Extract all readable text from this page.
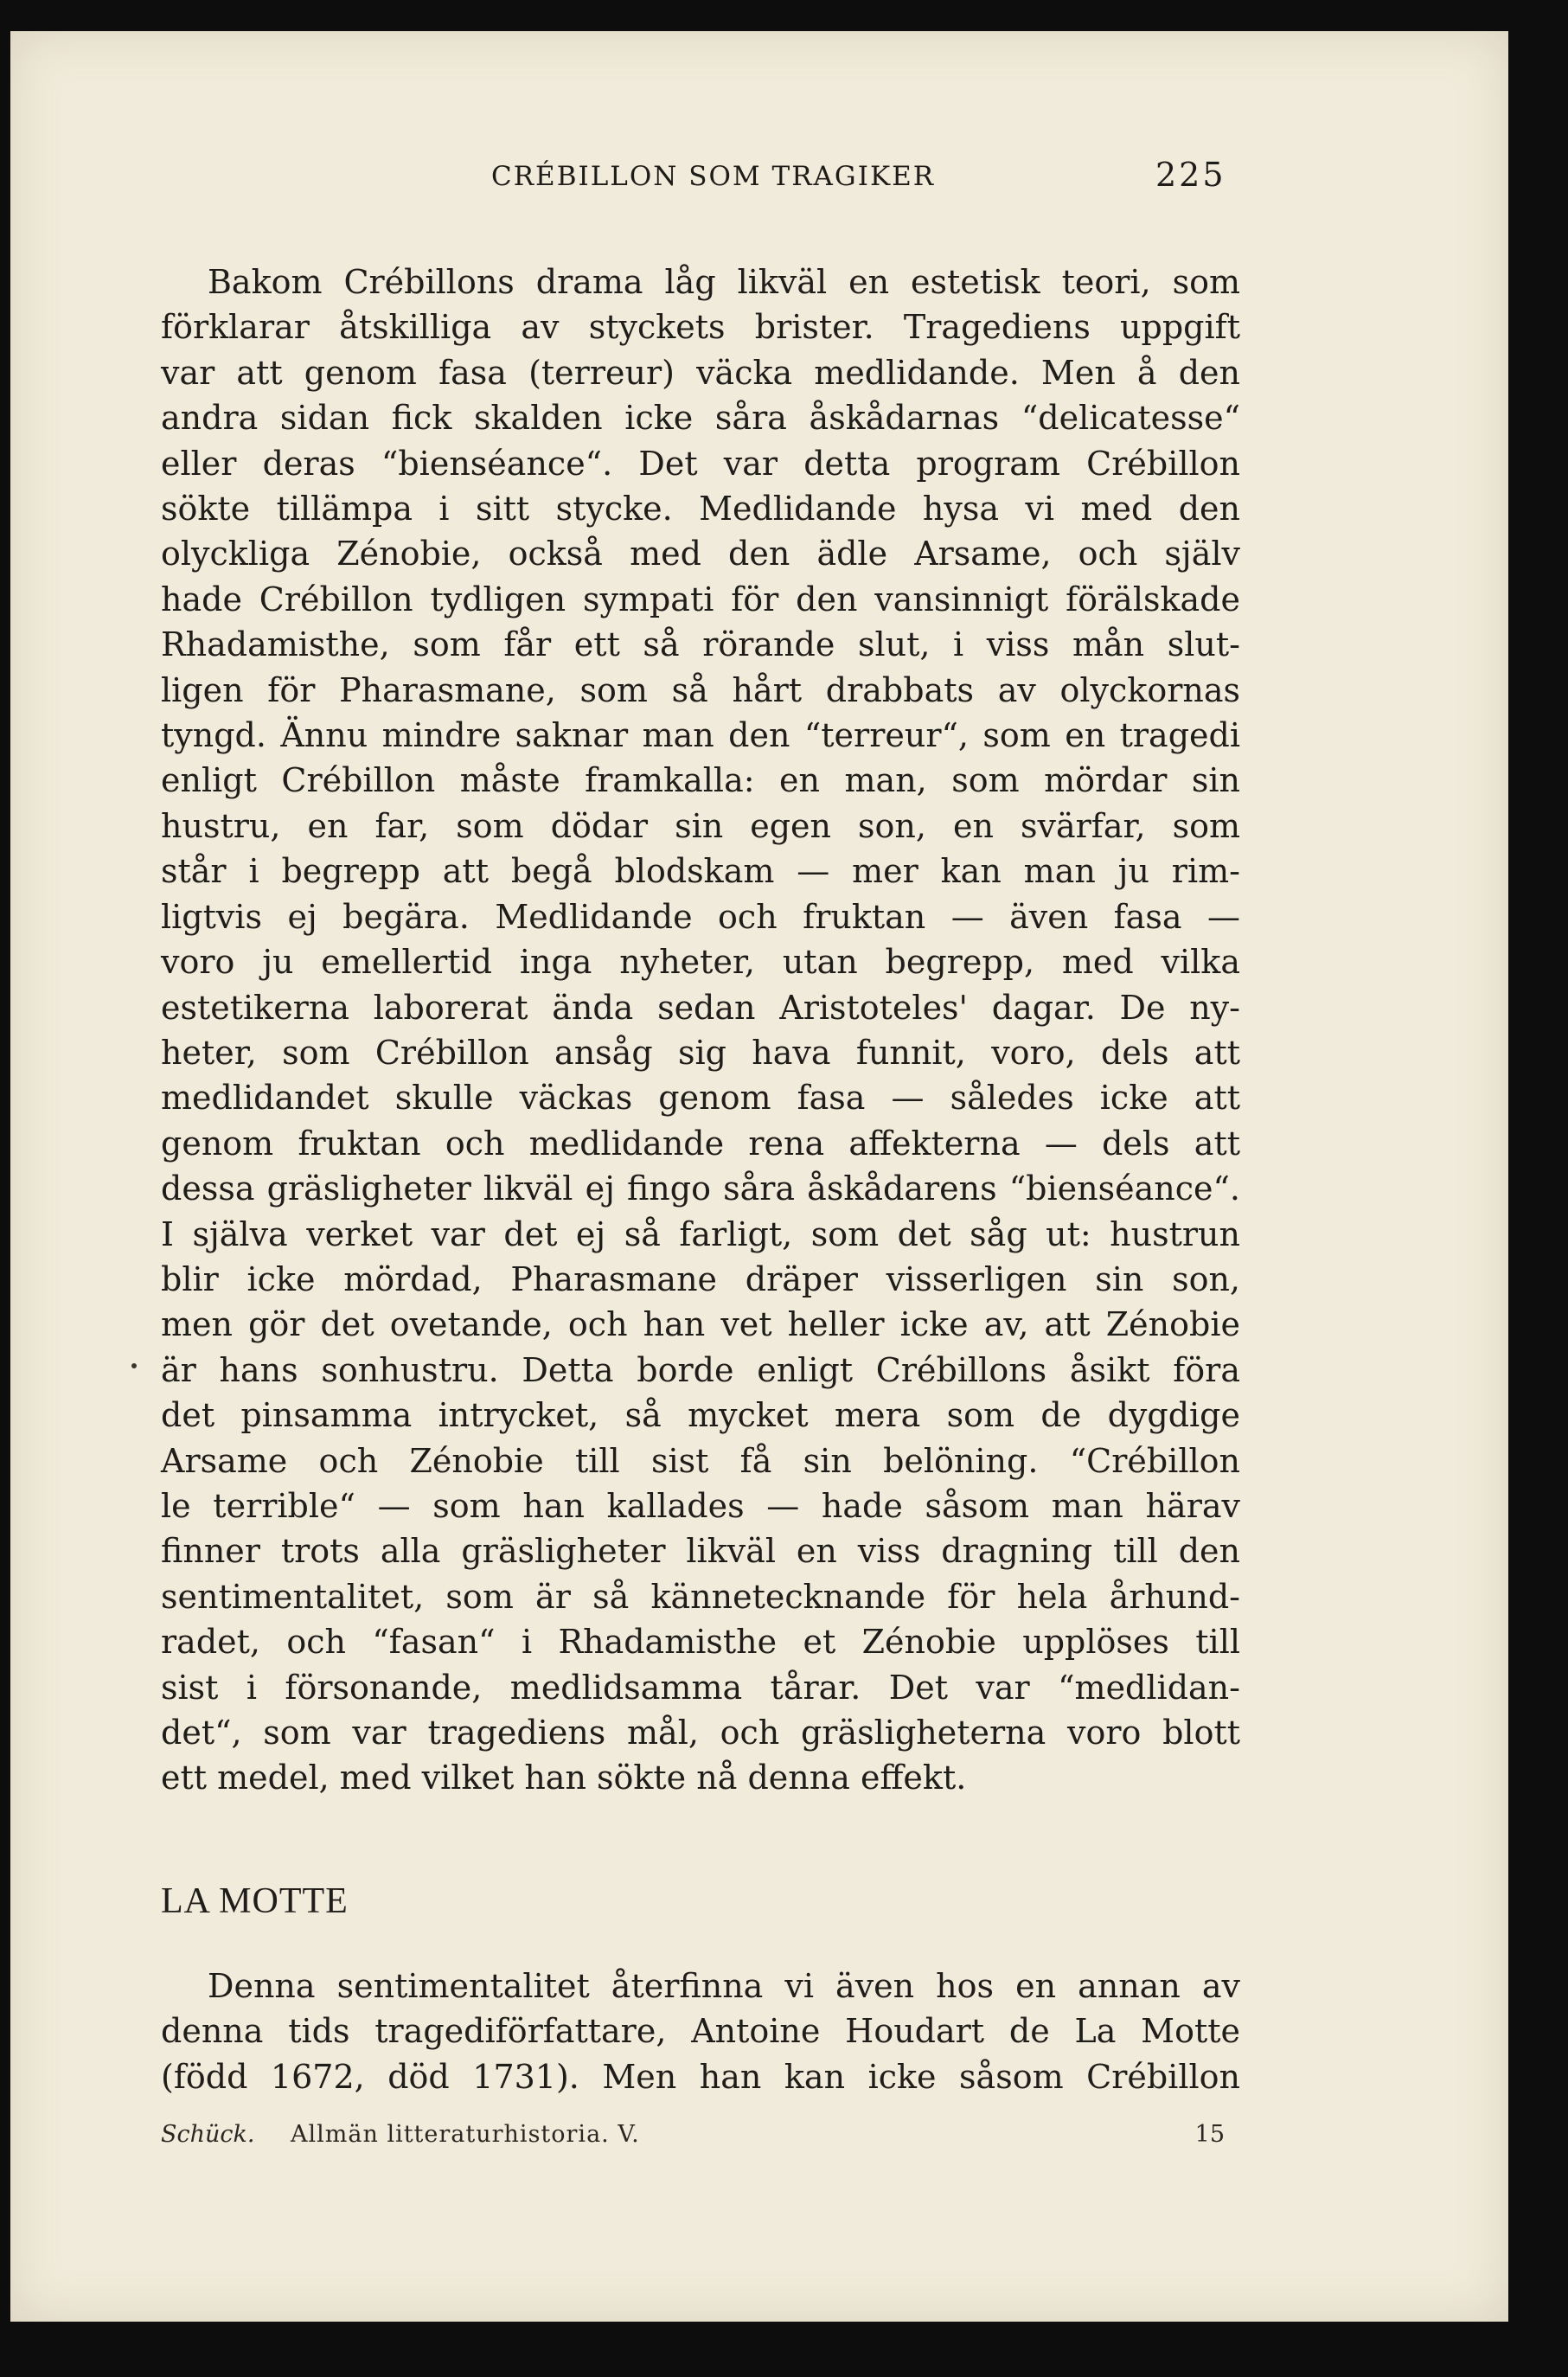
CRÉBILLON SOM TRAGIKER	225

Bakom Crébillons drama låg likväl en estetisk teori, som
förklarar åtskilliga av styckets brister. Tragediens uppgift
var att genom fasa (terreur) väcka medlidande. Men å den
andra sidan fick skalden icke såra åskådarnas “delicatesse“
eller deras “bienséance“. Det var detta program Crébillon
sökte tillämpa i sitt stycke. Medlidande hysa vi med den
olyckliga Zénobie, också med den ädle Arsame, och själv
hade Crébillon tydligen sympati för den vansinnigt förälskade
Rhadamisthe, som får ett så rörande slut, i viss mån slut-
ligen för Pharasmane, som så hårt drabbats av olyckornas
tyngd. Ännu mindre saknar man den “terreur“, som en tragedi
enligt Crébillon måste framkalla: en man, som mördar sin
hustru, en far, som dödar sin egen son, en svärfar, som
står i begrepp att begå blodskam — mer kan man ju rim-
ligtvis ej begära. Medlidande och fruktan — även fasa —
voro ju emellertid inga nyheter, utan begrepp, med vilka
estetikerna laborerat ända sedan Aristoteles' dagar. De ny-
heter, som Crébillon ansåg sig hava funnit, voro, dels att
medlidandet skulle väckas genom fasa — således icke att
genom fruktan och medlidande rena affekterna — dels att
dessa gräsligheter likväl ej fingo såra åskådarens “bienséance“.
I själva verket var det ej så farligt, som det såg ut: hustrun
blir icke mördad, Pharasmane dräper visserligen sin son,
men gör det ovetande, och han vet heller icke av, att Zénobie
är hans sonhustru. Detta borde enligt Crébillons åsikt föra
det pinsamma intrycket, så mycket mera som de dygdige
Arsame och Zénobie till sist få sin belöning. “Crébillon
le terrible“ — som han kallades — hade såsom man härav
finner trots alla gräsligheter likväl en viss dragning till den
sentimentalitet, som är så kännetecknande för hela århund-
radet, och “fasan“ i Rhadamisthe et Zénobie upplöses till
sist i försonande, medlidsamma tårar. Det var “medlidan-
det“, som var tragediens mål, och gräsligheterna voro blott
ett medel, med vilket han sökte nå denna effekt.

LA MOTTE

Denna sentimentalitet återfinna vi även hos en annan av
denna tids tragediförfattare, Antoine Houdart de La Motte
(född 1672, död 1731). Men han kan icke såsom Crébillon

Schück. Allmän litteraturhistoria. V.	15
